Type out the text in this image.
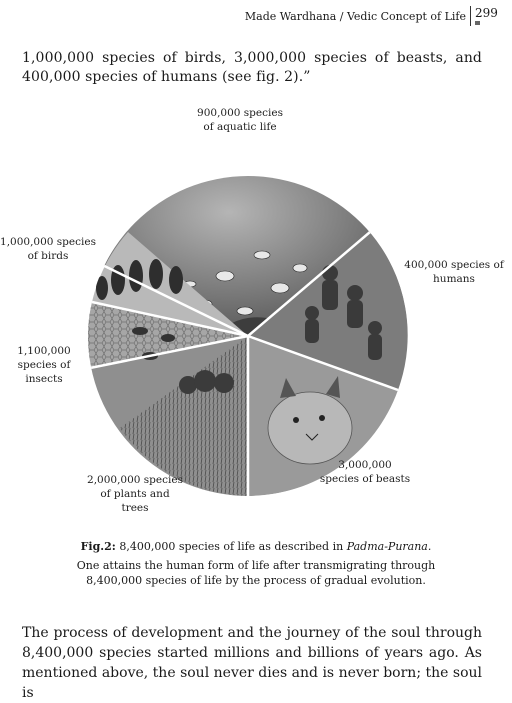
Made Wardhana / Vedic Concept of Life 299
1,000,000 species of birds, 3,000,000 species of beasts, and 400,000 species of humans (see fig. 2).”
900,000 species
of aquatic life
400,000 species of
humans
3,000,000
species of beasts
2,000,000 species
of plants and
trees
1,100,000
species of
insects
1,000,000 species
of birds
Fig.2: 8,400,000 species of life as described in Padma-Purana.
One attains the human form of life after transmigrating through
8,400,000 species of life by the process of gradual evolution.
The process of development and the journey of the soul through 8,400,000 species started millions and billions of years ago. As mentioned above, the soul never dies and is never born; the soul is
